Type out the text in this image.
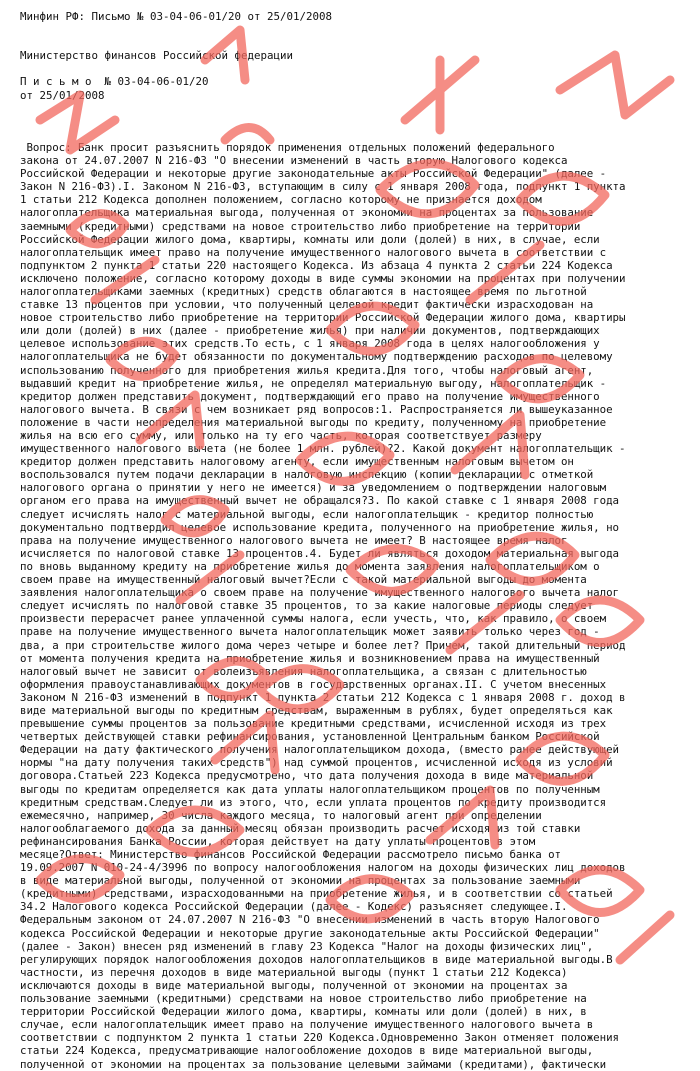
Минфин РФ: Письмо № 03-04-06-01/20 от 25/01/2008
Министерство финансов Российской федерации
П и с ь м о  № 03-04-06-01/20
от 25/01/2008
Вопрос: Банк просит разъяснить порядок применения отдельных положений федерального
закона от 24.07.2007 N 216-ФЗ "О внесении изменений в часть вторую Налогового кодекса
Российской Федерации и некоторые другие законодательные акты Российской Федерации" (далее -
Закон N 216-ФЗ).I. Законом N 216-ФЗ, вступающим в силу с 1 января 2008 года, подпункт 1 пункта
1 статьи 212 Кодекса дополнен положением, согласно которому не признается доходом
налогоплательщика материальная выгода, полученная от экономии на процентах за пользование
заемными (кредитными) средствами на новое строительство либо приобретение на территории
Российской Федерации жилого дома, квартиры, комнаты или доли (долей) в них, в случае, если
налогоплательщик имеет право на получение имущественного налогового вычета в соответствии с
подпунктом 2 пункта 1 статьи 220 настоящего Кодекса. Из абзаца 4 пункта 2 статьи 224 Кодекса
исключено положение, согласно которому доходы в виде суммы экономии на процентах при получении
налогоплательщиками заемных (кредитных) средств облагаются в настоящее время по льготной
ставке 13 процентов при условии, что полученный целевой кредит фактически израсходован на
новое строительство либо приобретение на территории Российской Федерации жилого дома, квартиры
или доли (долей) в них (далее - приобретение жилья) при наличии документов, подтверждающих
целевое использование этих средств.То есть, с 1 января 2008 года в целях налогообложения у
налогоплательщика не будет обязанности по документальному подтверждению расходов по целевому
использованию полученного для приобретения жилья кредита.Для того, чтобы налоговый агент,
выдавший кредит на приобретение жилья, не определял материальную выгоду, налогоплательщик -
кредитор должен представить документ, подтверждающий его право на получение имущественного
налогового вычета. В связи с чем возникает ряд вопросов:1. Распространяется ли вышеуказанное
положение в части неопределения материальной выгоды по кредиту, полученному на приобретение
жилья на всю его сумму, или только на ту его часть, которая соответствует размеру
имущественного налогового вычета (не более 1 млн. рублей)?2. Какой документ налогоплательщик -
кредитор должен представить налоговому агенту, если имущественным налоговым вычетом он
воспользовался путем подачи декларации в налоговую инспекцию (копии декларации с отметкой
налогового органа о принятии у него не имеется) и за уведомлением о подтверждении налоговым
органом его права на имущественный вычет не обращался?3. По какой ставке с 1 января 2008 года
следует исчислять налог с материальной выгоды, если налогоплательщик - кредитор полностью
документально подтвердил целевое использование кредита, полученного на приобретение жилья, но
права на получение имущественного налогового вычета не имеет? В настоящее время налог
исчисляется по налоговой ставке 13 процентов.4. Будет ли являться доходом материальная выгода
по вновь выданному кредиту на приобретение жилья до момента заявления налогоплательщиком о
своем праве на имущественный налоговый вычет?Если с такой материальной выгоды до момента
заявления налогоплательщика о своем праве на получение имущественного налогового вычета налог
следует исчислять по налоговой ставке 35 процентов, то за какие налоговые периоды следует
произвести перерасчет ранее уплаченной суммы налога, если учесть, что, как правило, о своем
праве на получение имущественного вычета налогоплательщик может заявить только через год -
два, а при строительстве жилого дома через четыре и более лет? Причем, такой длительный период
от момента получения кредита на приобретение жилья и возникновением права на имущественный
налоговый вычет не зависит от волеизъявления налогоплательщика, а связан с длительностью
оформления правоустанавливающих документов в государственных органах.II. С учетом внесенных
Законом N 216-ФЗ изменений в подпункт 1 пункта 2 статьи 212 Кодекса с 1 января 2008 г. доход в
виде материальной выгоды по кредитным средствам, выраженным в рублях, будет определяться как
превышение суммы процентов за пользование кредитными средствами, исчисленной исходя из трех
четвертых действующей ставки рефинансирования, установленной Центральным банком Российской
Федерации на дату фактического получения налогоплательщиком дохода, (вместо ранее действующей
нормы "на дату получения таких средств") над суммой процентов, исчисленной исходя из условий
договора.Статьей 223 Кодекса предусмотрено, что дата получения дохода в виде материальной
выгоды по кредитам определяется как дата уплаты налогоплательщиком процентов по полученным
кредитным средствам.Следует ли из этого, что, если уплата процентов по кредиту производится
ежемесячно, например, 30 числа каждого месяца, то налоговый агент при определении
налогооблагаемого дохода за данный месяц обязан производить расчет исходя из той ставки
рефинансирования Банка России, которая действует на дату уплаты процентов в этом
месяце?Ответ: Министерство финансов Российской Федерации рассмотрело письмо банка от
19.09.2007 N 010-24-4/3996 по вопросу налогообложения налогом на доходы физических лиц доходов
в виде материальной выгоды, полученной от экономии на процентах за пользование заемными
(кредитными) средствами, израсходованными на приобретение жилья, и в соответствии со статьей
34.2 Налогового кодекса Российской Федерации (далее - Кодекс) разъясняет следующее.I.
Федеральным законом от 24.07.2007 N 216-ФЗ "О внесении изменений в часть вторую Налогового
кодекса Российской Федерации и некоторые другие законодательные акты Российской Федерации"
(далее - Закон) внесен ряд изменений в главу 23 Кодекса "Налог на доходы физических лиц",
регулирующих порядок налогообложения доходов налогоплательщиков в виде материальной выгоды.В
частности, из перечня доходов в виде материальной выгоды (пункт 1 статьи 212 Кодекса)
исключаются доходы в виде материальной выгоды, полученной от экономии на процентах за
пользование заемными (кредитными) средствами на новое строительство либо приобретение на
территории Российской Федерации жилого дома, квартиры, комнаты или доли (долей) в них, в
случае, если налогоплательщик имеет право на получение имущественного налогового вычета в
соответствии с подпунктом 2 пункта 1 статьи 220 Кодекса.Одновременно Закон отменяет положения
статьи 224 Кодекса, предусматривающие налогообложение доходов в виде материальной выгоды,
полученной от экономии на процентах за пользование целевыми займами (кредитами), фактически
